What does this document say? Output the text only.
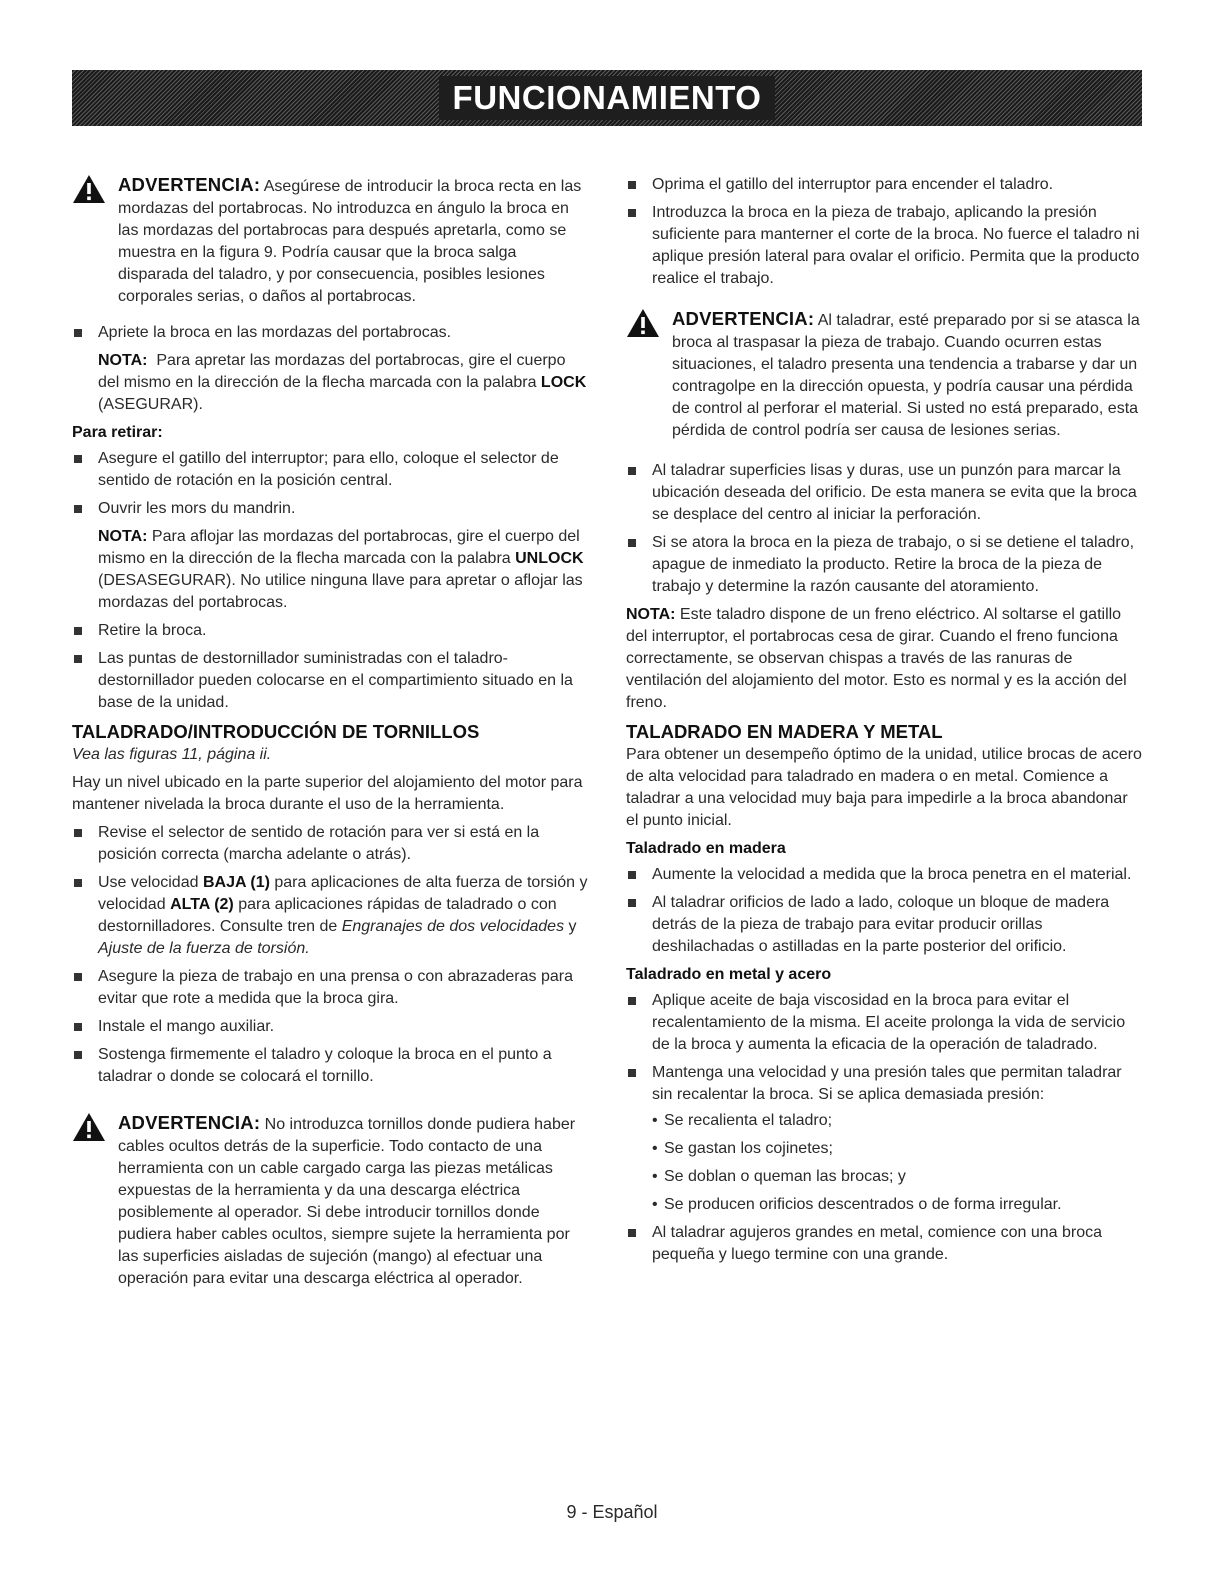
FUNCIONAMIENTO

ADVERTENCIA: Asegúrese de introducir la broca recta en las mordazas del portabrocas. No introduzca en ángulo la broca en las mordazas del portabrocas para después apretarla, como se muestra en la figura 9. Podría causar que la broca salga disparada del taladro, y por consecuencia, posibles lesiones corporales serias, o daños al portabrocas.

Apriete la broca en las mordazas del portabrocas.

NOTA: Para apretar las mordazas del portabrocas, gire el cuerpo del mismo en la dirección de la flecha marcada con la palabra LOCK (ASEGURAR).

Para retirar:

Asegure el gatillo del interruptor; para ello, coloque el selector de sentido de rotación en la posición central.
Ouvrir les mors du mandrin.

NOTA: Para aflojar las mordazas del portabrocas, gire el cuerpo del mismo en la dirección de la flecha marcada con la palabra UNLOCK (DESASEGURAR). No utilice ninguna llave para apretar o aflojar las mordazas del portabrocas.

Retire la broca.
Las puntas de destornillador suministradas con el taladro-destornillador pueden colocarse en el compartimiento situado en la base de la unidad.

TALADRADO/INTRODUCCIÓN DE TORNILLOS

Vea las figuras 11, página ii.

Hay un nivel ubicado en la parte superior del alojamiento del motor para mantener nivelada la broca durante el uso de la herramienta.

Revise el selector de sentido de rotación para ver si está en la posición correcta (marcha adelante o atrás).
Use velocidad BAJA (1) para aplicaciones de alta fuerza de torsión y velocidad ALTA (2) para aplicaciones rápidas de taladrado o con destornilladores. Consulte tren de Engranajes de dos velocidades y Ajuste de la fuerza de torsión.
Asegure la pieza de trabajo en una prensa o con abrazaderas para evitar que rote a medida que la broca gira.
Instale el mango auxiliar.
Sostenga firmemente el taladro y coloque la broca en el punto a taladrar o donde se colocará el tornillo.

ADVERTENCIA: No introduzca tornillos donde pudiera haber cables ocultos detrás de la superficie. Todo contacto de una herramienta con un cable cargado carga las piezas metálicas expuestas de la herramienta y da una descarga eléctrica posiblemente al operador. Si debe introducir tornillos donde pudiera haber cables ocultos, siempre sujete la herramienta por las superficies aisladas de sujeción (mango) al efectuar una operación para evitar una descarga eléctrica al operador.

Oprima el gatillo del interruptor para encender el taladro.
Introduzca la broca en la pieza de trabajo, aplicando la presión suficiente para manterner el corte de la broca. No fuerce el taladro ni aplique presión lateral para ovalar el orificio. Permita que la producto realice el trabajo.

ADVERTENCIA: Al taladrar, esté preparado por si se atasca la broca al traspasar la pieza de trabajo. Cuando ocurren estas situaciones, el taladro presenta una tendencia a trabarse y dar un contragolpe en la dirección opuesta, y podría causar una pérdida de control al perforar el material. Si usted no está preparado, esta pérdida de control podría ser causa de lesiones serias.

Al taladrar superficies lisas y duras, use un punzón para marcar la ubicación deseada del orificio. De esta manera se evita que la broca se desplace del centro al iniciar la perforación.
Si se atora la broca en la pieza de trabajo, o si se detiene el taladro, apague de inmediato la producto. Retire la broca de la pieza de trabajo y determine la razón causante del atoramiento.

NOTA: Este taladro dispone de un freno eléctrico. Al soltarse el gatillo del interruptor, el portabrocas cesa de girar. Cuando el freno funciona correctamente, se observan chispas a través de las ranuras de ventilación del alojamiento del motor. Esto es normal y es la acción del freno.

TALADRADO EN MADERA Y METAL

Para obtener un desempeño óptimo de la unidad, utilice brocas de acero de alta velocidad para taladrado en madera o en metal. Comience a taladrar a una velocidad muy baja para impedirle a la broca abandonar el punto inicial.

Taladrado en madera

Aumente la velocidad a medida que la broca penetra en el material.
Al taladrar orificios de lado a lado, coloque un bloque de madera detrás de la pieza de trabajo para evitar producir orillas deshilachadas o astilladas en la parte posterior del orificio.

Taladrado en metal y acero

Aplique aceite de baja viscosidad en la broca para evitar el recalentamiento de la misma. El aceite prolonga la vida de servicio de la broca y aumenta la eficacia de la operación de taladrado.
Mantenga una velocidad y una presión tales que permitan taladrar sin recalentar la broca. Si se aplica demasiada presión:
• Se recalienta el taladro;
• Se gastan los cojinetes;
• Se doblan o queman las brocas; y
• Se producen orificios descentrados o de forma irregular.
Al taladrar agujeros grandes en metal, comience con una broca pequeña y luego termine con una grande.
9 - Español
